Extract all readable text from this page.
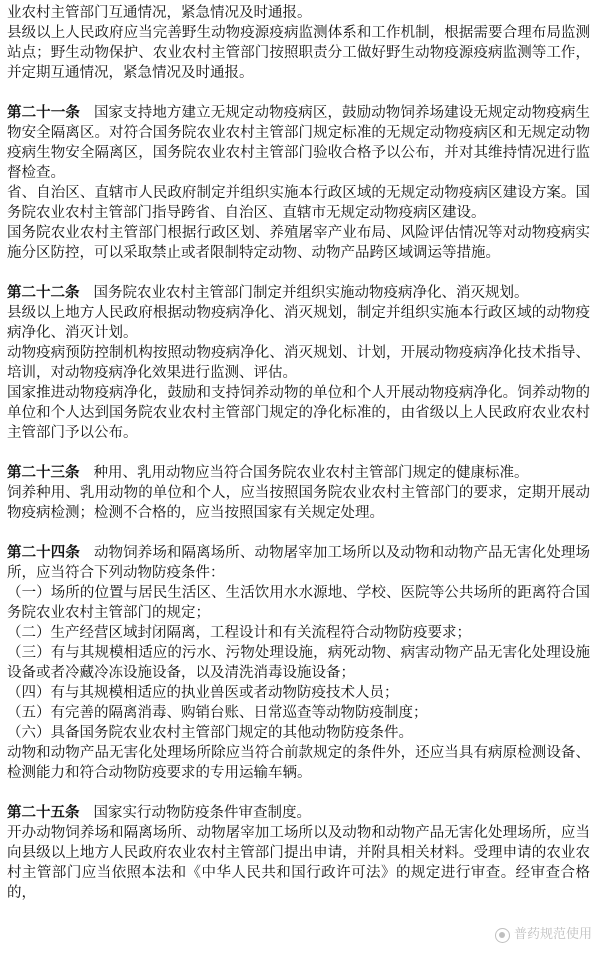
业农村主管部门互通情况，紧急情况及时通报。

县级以上人民政府应当完善野生动物疫源疫病监测体系和工作机制，根据需要合理布局监测站点；野生动物保护、农业农村主管部门按照职责分工做好野生动物疫源疫病监测等工作，并定期互通情况，紧急情况及时通报。

第二十一条 国家支持地方建立无规定动物疫病区，鼓励动物饲养场建设无规定动物疫病生物安全隔离区。对符合国务院农业农村主管部门规定标准的无规定动物疫病区和无规定动物疫病生物安全隔离区，国务院农业农村主管部门验收合格予以公布，并对其维持情况进行监督检查。

省、自治区、直辖市人民政府制定并组织实施本行政区域的无规定动物疫病区建设方案。国务院农业农村主管部门指导跨省、自治区、直辖市无规定动物疫病区建设。

国务院农业农村主管部门根据行政区划、养殖屠宰产业布局、风险评估情况等对动物疫病实施分区防控，可以采取禁止或者限制特定动物、动物产品跨区域调运等措施。

第二十二条 国务院农业农村主管部门制定并组织实施动物疫病净化、消灭规划。

县级以上地方人民政府根据动物疫病净化、消灭规划，制定并组织实施本行政区域的动物疫病净化、消灭计划。

动物疫病预防控制机构按照动物疫病净化、消灭规划、计划，开展动物疫病净化技术指导、培训，对动物疫病净化效果进行监测、评估。

国家推进动物疫病净化，鼓励和支持饲养动物的单位和个人开展动物疫病净化。饲养动物的单位和个人达到国务院农业农村主管部门规定的净化标准的，由省级以上人民政府农业农村主管部门予以公布。

第二十三条 种用、乳用动物应当符合国务院农业农村主管部门规定的健康标准。

饲养种用、乳用动物的单位和个人，应当按照国务院农业农村主管部门的要求，定期开展动物疫病检测；检测不合格的，应当按照国家有关规定处理。

第二十四条 动物饲养场和隔离场所、动物屠宰加工场所以及动物和动物产品无害化处理场所，应当符合下列动物防疫条件：

（一）场所的位置与居民生活区、生活饮用水水源地、学校、医院等公共场所的距离符合国务院农业农村主管部门的规定；

（二）生产经营区域封闭隔离，工程设计和有关流程符合动物防疫要求；

（三）有与其规模相适应的污水、污物处理设施，病死动物、病害动物产品无害化处理设施设备或者冷藏冷冻设施设备，以及清洗消毒设施设备；

（四）有与其规模相适应的执业兽医或者动物防疫技术人员；

（五）有完善的隔离消毒、购销台账、日常巡查等动物防疫制度；

（六）具备国务院农业农村主管部门规定的其他动物防疫条件。

动物和动物产品无害化处理场所除应当符合前款规定的条件外，还应当具有病原检测设备、检测能力和符合动物防疫要求的专用运输车辆。

第二十五条 国家实行动物防疫条件审查制度。

开办动物饲养场和隔离场所、动物屠宰加工场所以及动物和动物产品无害化处理场所，应当向县级以上地方人民政府农业农村主管部门提出申请，并附具相关材料。受理申请的农业农村主管部门应当依照本法和《中华人民共和国行政许可法》的规定进行审查。经审查合格的，

普药规范使用
